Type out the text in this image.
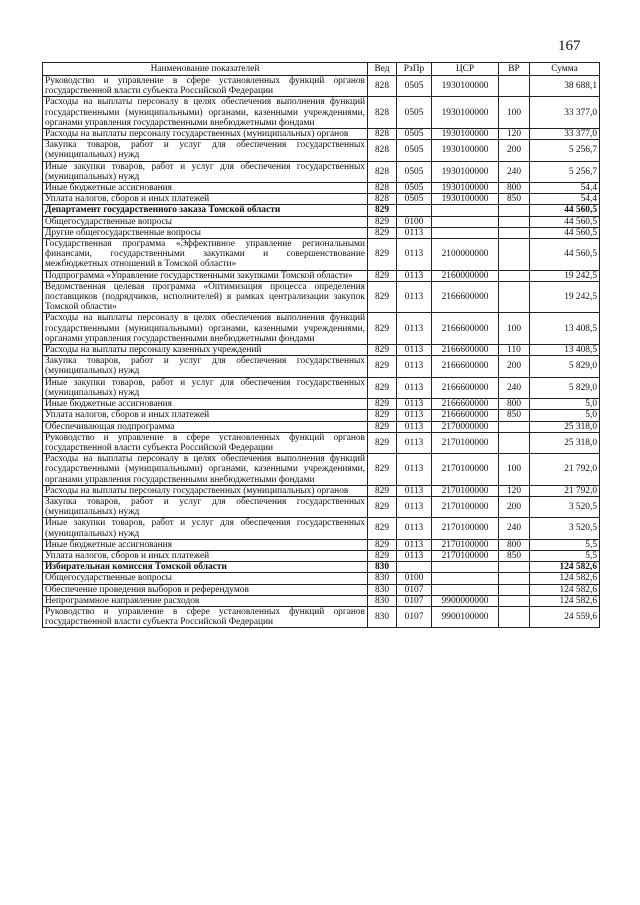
167
Наименование показателей	Вед	РзПр	ЦСР	ВР	Сумма
Руководство и управление в сфере установленных функций органов государственной власти субъекта Российской Федерации	828	0505	1930100000		38 688,1
Расходы на выплаты персоналу в целях обеспечения выполнения функций государственными (муниципальными) органами, казенными учреждениями, органами управления государственными внебюджетными фондами	828	0505	1930100000	100	33 377,0
Расходы на выплаты персоналу государственных (муниципальных) органов	828	0505	1930100000	120	33 377,0
Закупка товаров, работ и услуг для обеспечения государственных (муниципальных) нужд	828	0505	1930100000	200	5 256,7
Иные закупки товаров, работ и услуг для обеспечения государственных (муниципальных) нужд	828	0505	1930100000	240	5 256,7
Иные бюджетные ассигнования	828	0505	1930100000	800	54,4
Уплата налогов, сборов и иных платежей	828	0505	1930100000	850	54,4
Департамент государственного заказа Томской области	829				44 560,5
Общегосударственные вопросы	829	0100			44 560,5
Другие общегосударственные вопросы	829	0113			44 560,5
Государственная программа «Эффективное управление региональными финансами, государственными закупками и совершенствование межбюджетных отношений в Томской области»	829	0113	2100000000		44 560,5
Подпрограмма «Управление государственными закупками Томской области»	829	0113	2160000000		19 242,5
Ведомственная целевая программа «Оптимизация процесса определения поставщиков (подрядчиков, исполнителей) в рамках централизации закупок Томской области»	829	0113	2166600000		19 242,5
Расходы на выплаты персоналу в целях обеспечения выполнения функций государственными (муниципальными) органами, казенными учреждениями, органами управления государственными внебюджетными фондами	829	0113	2166600000	100	13 408,5
Расходы на выплаты персоналу казенных учреждений	829	0113	2166600000	110	13 408,5
Закупка товаров, работ и услуг для обеспечения государственных (муниципальных) нужд	829	0113	2166600000	200	5 829,0
Иные закупки товаров, работ и услуг для обеспечения государственных (муниципальных) нужд	829	0113	2166600000	240	5 829,0
Иные бюджетные ассигнования	829	0113	2166600000	800	5,0
Уплата налогов, сборов и иных платежей	829	0113	2166600000	850	5,0
Обеспечивающая подпрограмма	829	0113	2170000000		25 318,0
Руководство и управление в сфере установленных функций органов государственной власти субъекта Российской Федерации	829	0113	2170100000		25 318,0
Расходы на выплаты персоналу в целях обеспечения выполнения функций государственными (муниципальными) органами, казенными учреждениями, органами управления государственными внебюджетными фондами	829	0113	2170100000	100	21 792,0
Расходы на выплаты персоналу государственных (муниципальных) органов	829	0113	2170100000	120	21 792,0
Закупка товаров, работ и услуг для обеспечения государственных (муниципальных) нужд	829	0113	2170100000	200	3 520,5
Иные закупки товаров, работ и услуг для обеспечения государственных (муниципальных) нужд	829	0113	2170100000	240	3 520,5
Иные бюджетные ассигнования	829	0113	2170100000	800	5,5
Уплата налогов, сборов и иных платежей	829	0113	2170100000	850	5,5
Избирательная комиссия Томской области	830				124 582,6
Общегосударственные вопросы	830	0100			124 582,6
Обеспечение проведения выборов и референдумов	830	0107			124 582,6
Непрограммное направление расходов	830	0107	9900000000		124 582,6
Руководство и управление в сфере установленных функций органов государственной власти субъекта Российской Федерации	830	0107	9900100000		24 559,6
